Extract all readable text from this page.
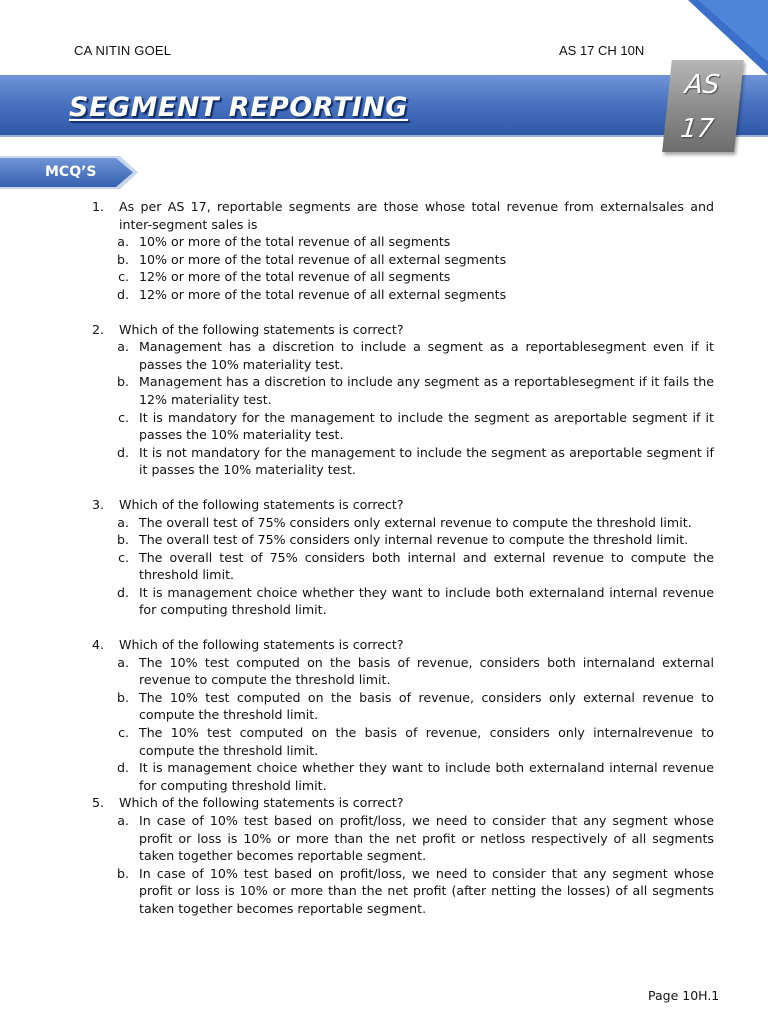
CA NITIN GOEL	AS 17 CH 10N
SEGMENT REPORTING
AS
17
MCQ’S
1.	As per AS 17, reportable segments are those whose total revenue from externalsales and inter-segment sales is
a. 10% or more of the total revenue of all segments
b. 10% or more of the total revenue of all external segments
c. 12% or more of the total revenue of all segments
d. 12% or more of the total revenue of all external segments
2.	Which of the following statements is correct?
a. Management has a discretion to include a segment as a reportablesegment even if it passes the 10% materiality test.
b. Management has a discretion to include any segment as a reportablesegment if it fails the 12% materiality test.
c. It is mandatory for the management to include the segment as areportable segment if it passes the 10% materiality test.
d. It is not mandatory for the management to include the segment as areportable segment if it passes the 10% materiality test.
3.	Which of the following statements is correct?
a. The overall test of 75% considers only external revenue to compute the threshold limit.
b. The overall test of 75% considers only internal revenue to compute the threshold limit.
c. The overall test of 75% considers both internal and external revenue to compute the threshold limit.
d. It is management choice whether they want to include both externaland internal revenue for computing threshold limit.
4.	Which of the following statements is correct?
a. The 10% test computed on the basis of revenue, considers both internaland external revenue to compute the threshold limit.
b. The 10% test computed on the basis of revenue, considers only external revenue to compute the threshold limit.
c. The 10% test computed on the basis of revenue, considers only internalrevenue to compute the threshold limit.
d. It is management choice whether they want to include both externaland internal revenue for computing threshold limit.
5.	Which of the following statements is correct?
a. In case of 10% test based on profit/loss, we need to consider that any segment whose profit or loss is 10% or more than the net profit or netloss respectively of all segments taken together becomes reportable segment.
b. In case of 10% test based on profit/loss, we need to consider that any segment whose profit or loss is 10% or more than the net profit (after netting the losses) of all segments taken together becomes reportable segment.
Page 10H.1
